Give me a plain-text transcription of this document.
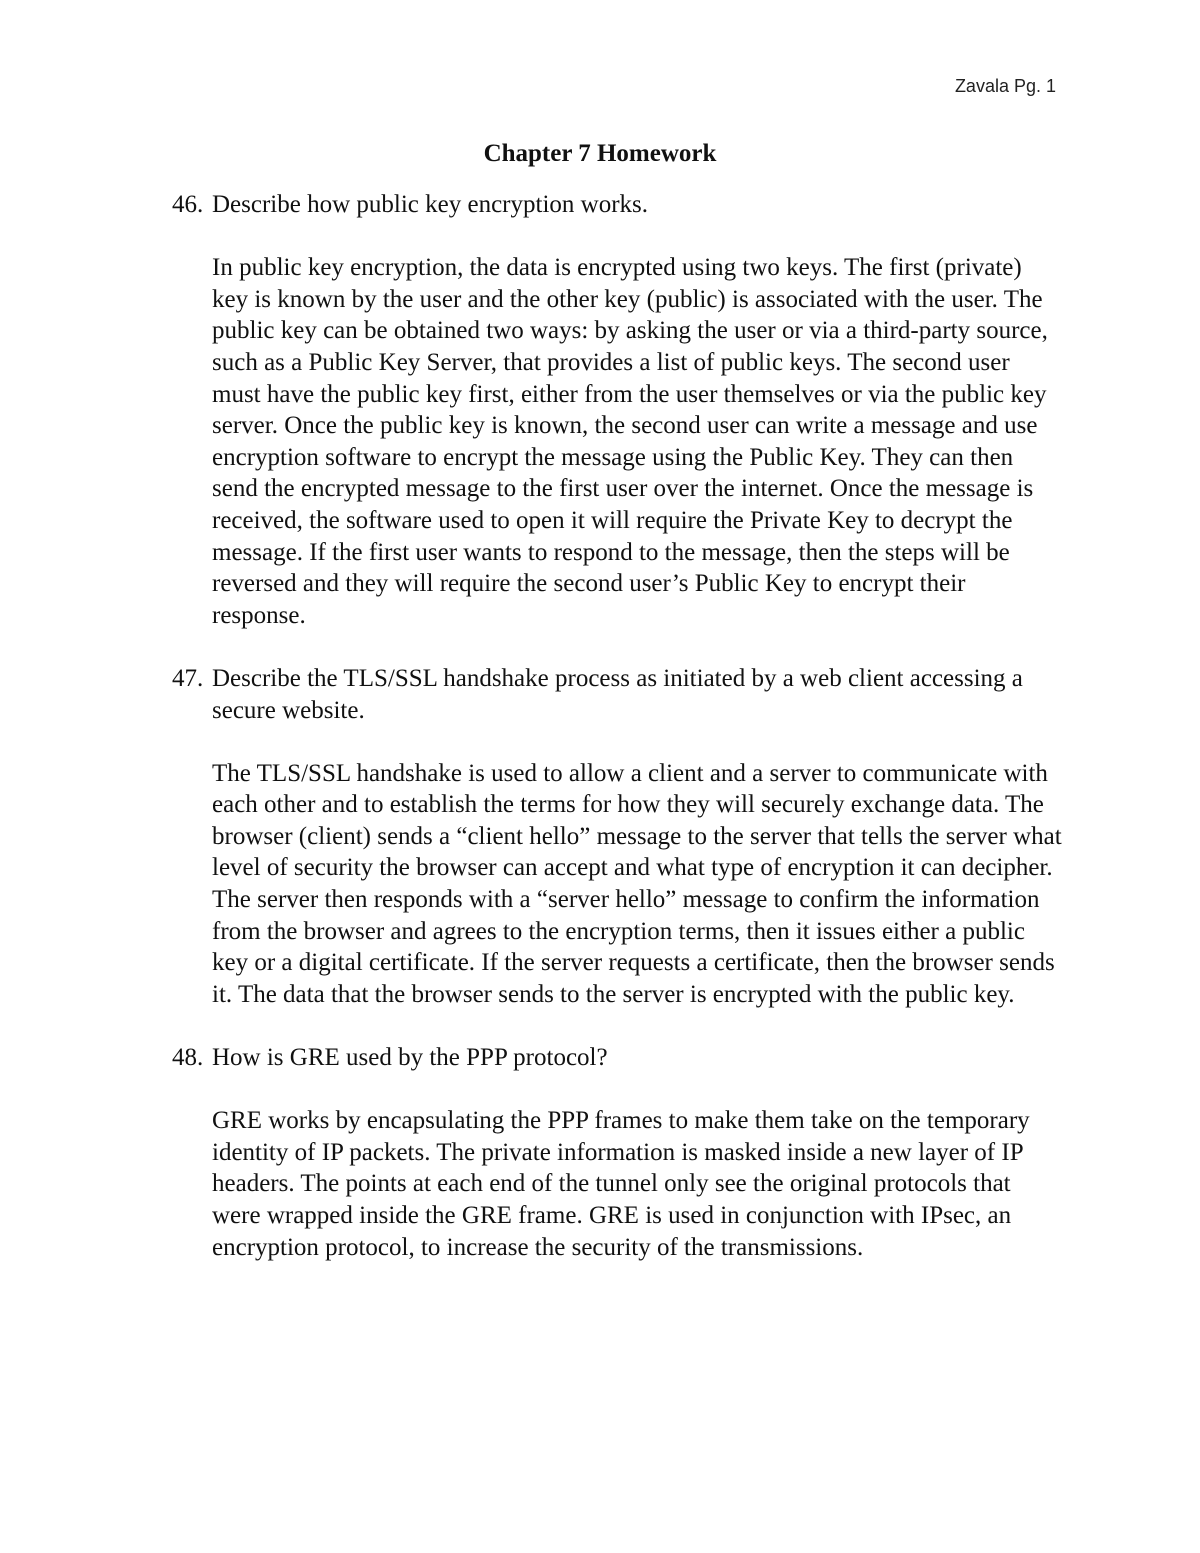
Zavala Pg. 1
Chapter 7 Homework
46. Describe how public key encryption works.
In public key encryption, the data is encrypted using two keys. The first (private) key is known by the user and the other key (public) is associated with the user. The public key can be obtained two ways: by asking the user or via a third-party source, such as a Public Key Server, that provides a list of public keys. The second user must have the public key first, either from the user themselves or via the public key server. Once the public key is known, the second user can write a message and use encryption software to encrypt the message using the Public Key. They can then send the encrypted message to the first user over the internet. Once the message is received, the software used to open it will require the Private Key to decrypt the message. If the first user wants to respond to the message, then the steps will be reversed and they will require the second user’s Public Key to encrypt their response.
47. Describe the TLS/SSL handshake process as initiated by a web client accessing a secure website.
The TLS/SSL handshake is used to allow a client and a server to communicate with each other and to establish the terms for how they will securely exchange data. The browser (client) sends a “client hello” message to the server that tells the server what level of security the browser can accept and what type of encryption it can decipher. The server then responds with a “server hello” message to confirm the information from the browser and agrees to the encryption terms, then it issues either a public key or a digital certificate. If the server requests a certificate, then the browser sends it. The data that the browser sends to the server is encrypted with the public key.
48. How is GRE used by the PPP protocol?
GRE works by encapsulating the PPP frames to make them take on the temporary identity of IP packets. The private information is masked inside a new layer of IP headers. The points at each end of the tunnel only see the original protocols that were wrapped inside the GRE frame. GRE is used in conjunction with IPsec, an encryption protocol, to increase the security of the transmissions.
